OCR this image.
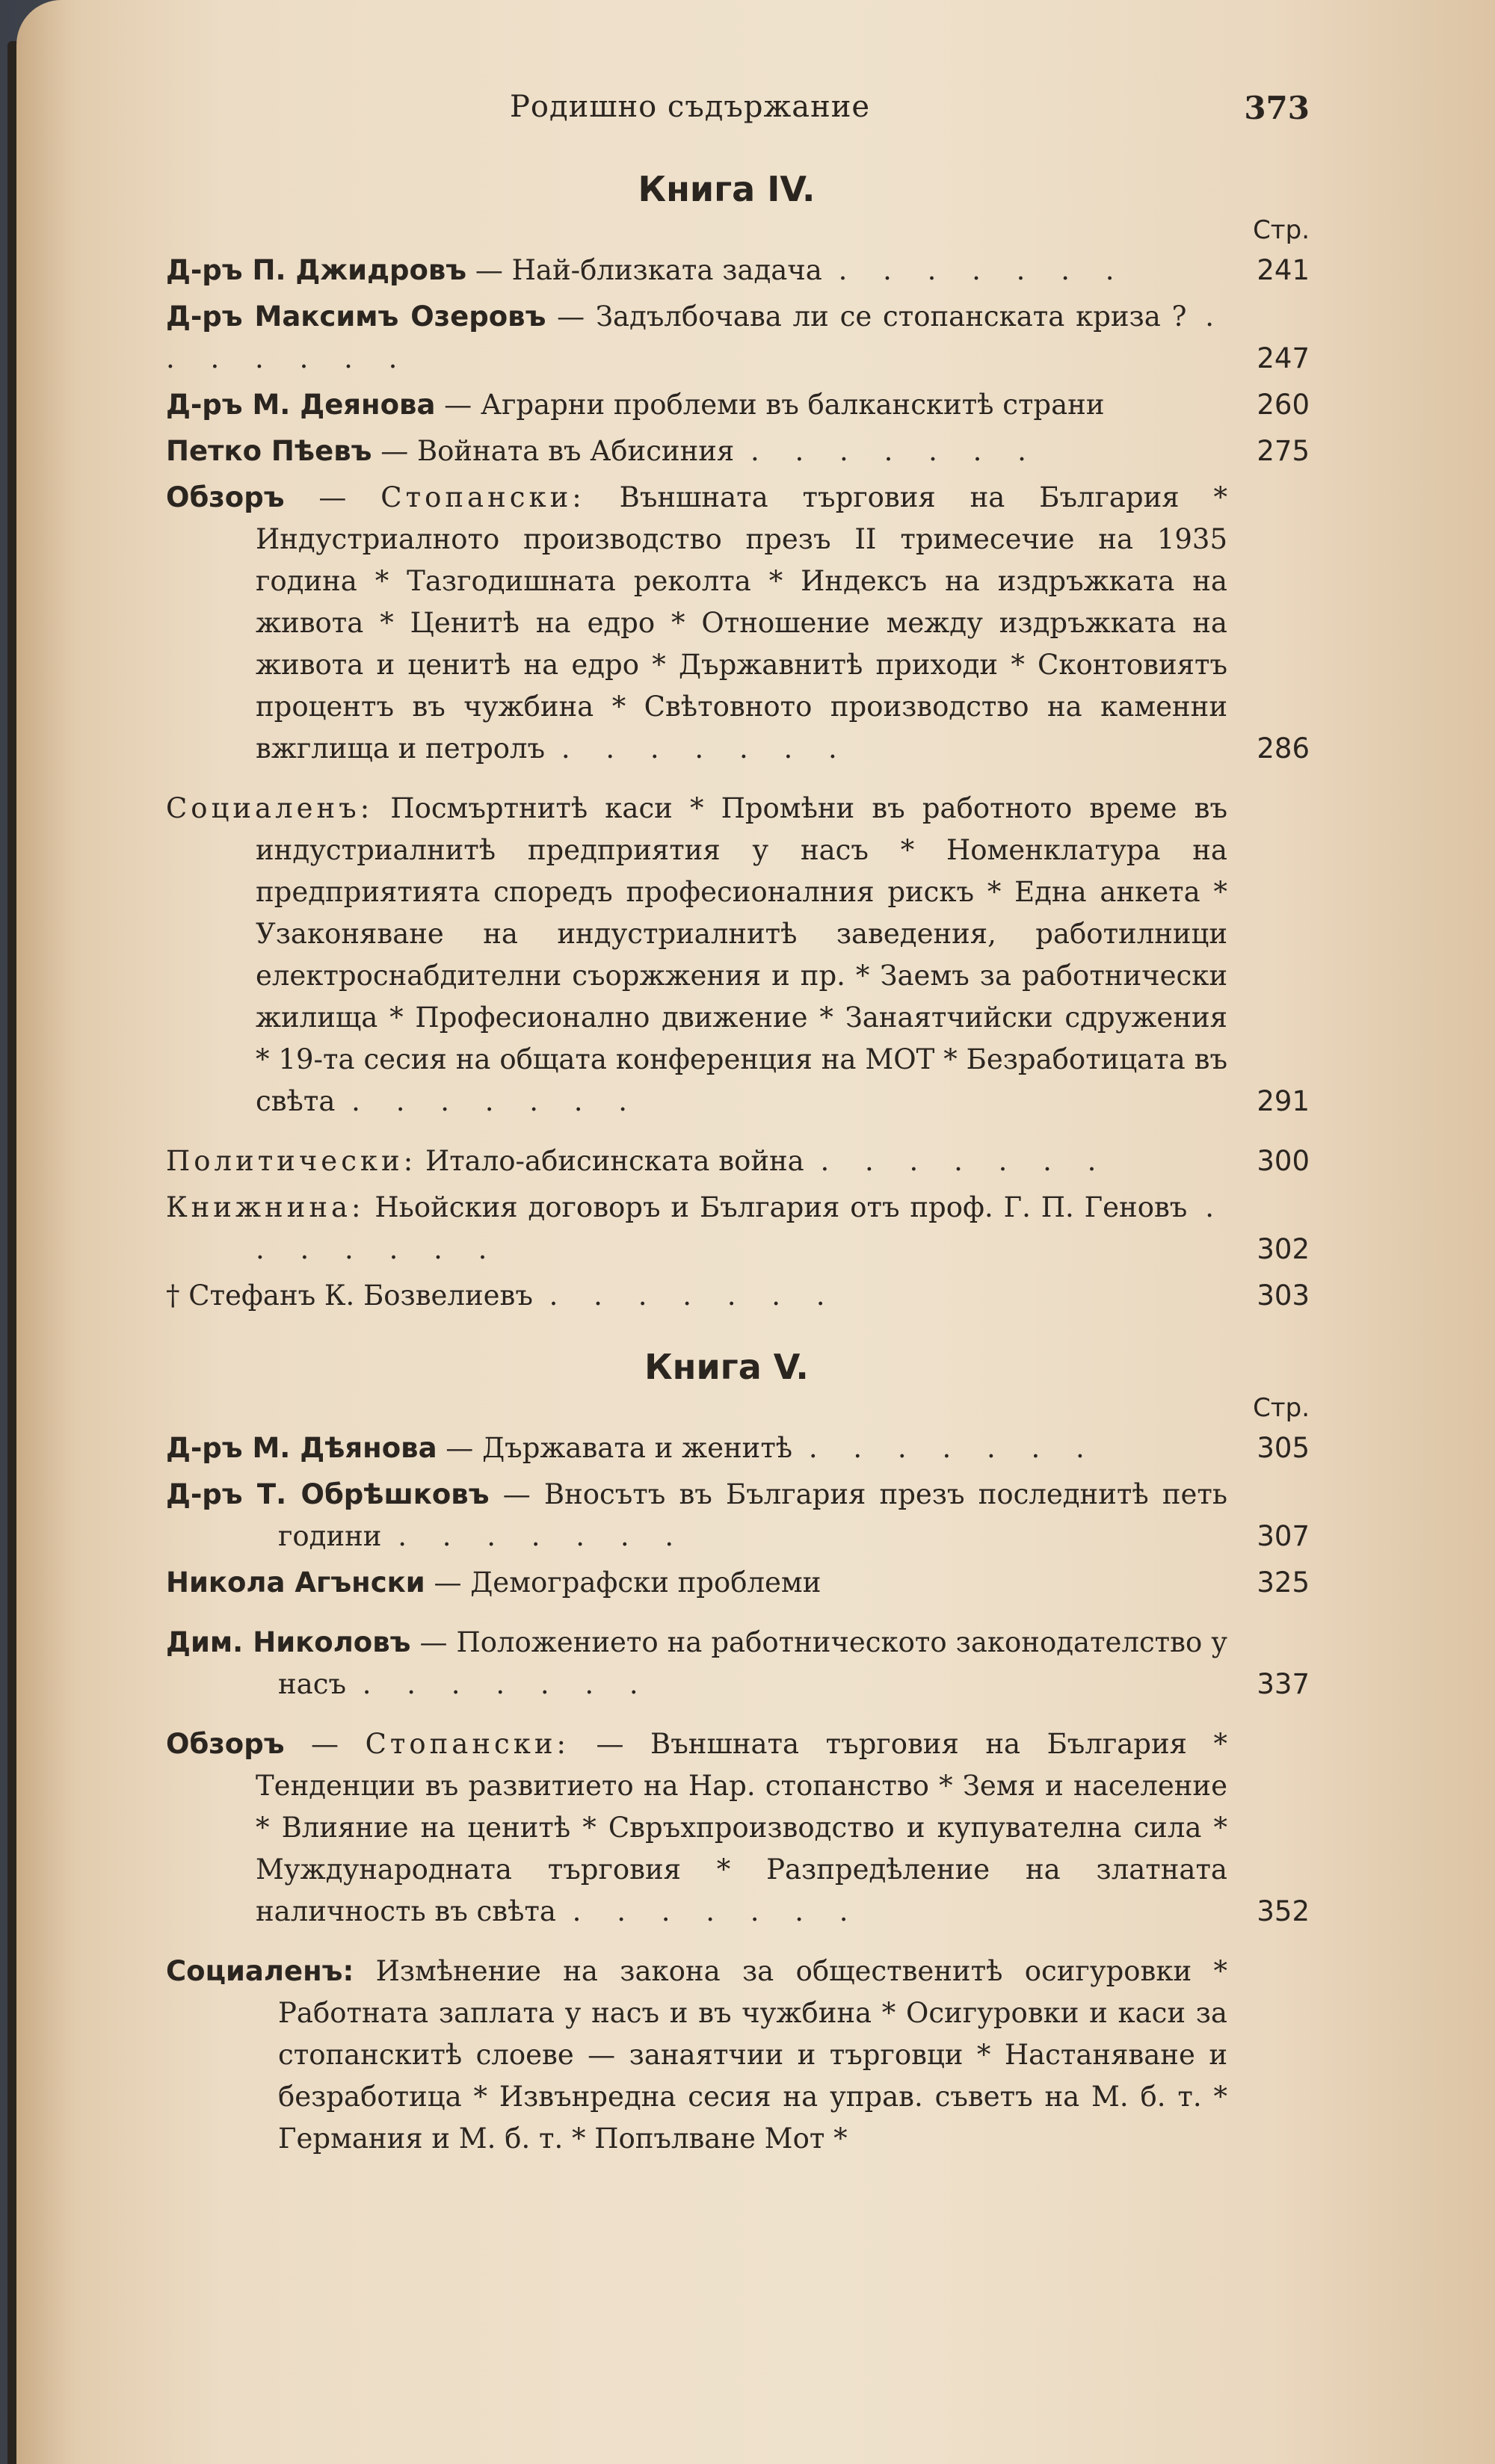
Родишно съдържание	373
Книга IV.
Стр.
Д-ръ П. Джидровъ — Най-близката задача . . . . . . .	241
Д-ръ Максимъ Озеровъ — Задълбочава ли се стопанската криза ? . . . . . . .	247
Д-ръ М. Деянова — Аграрни проблеми въ балканскитѣ страни	260
Петко Пѣевъ — Войната въ Абисиния . . . . . . .	275
Обзоръ — Стопански: Външната търговия на България * Индустриалното производство презъ II тримесечие на 1935 година * Тазгодишната реколта * Индексъ на издръжката на живота * Ценитѣ на едро * Отношение между издръжката на живота и ценитѣ на едро * Държавнитѣ приходи * Сконтовиятъ процентъ въ чужбина * Свѣтовното производство на каменни вжглища и петролъ . . . . . . .	286
Социаленъ: Посмъртнитѣ каси * Промѣни въ работното време въ индустриалнитѣ предприятия у насъ * Номенклатура на предприятията споредъ професионалния рискъ * Една анкета * Узаконяване на индустриалнитѣ заведения, работилници електроснабдителни съоржжения и пр. * Заемъ за работнически жилища * Професионално движение * Занаятчийски сдружения * 19-та сесия на общата конференция на МОТ * Безработицата въ свѣта . . . . . . .	291
Политически: Итало-абисинската война . . . . . . .	300
Книжнина: Ньойския договоръ и България отъ проф. Г. П. Геновъ . . . . . . .	302
† Стефанъ К. Бозвелиевъ . . . . . . .	303
Книга V.
Стр.
Д-ръ М. Дѣянова — Държавата и женитѣ . . . . . . .	305
Д-ръ Т. Обрѣшковъ — Вносътъ въ България презъ последнитѣ петь години . . . . . . .	307
Никола Агънски — Демографски проблеми	325
Дим. Николовъ — Положението на работническото законодателство у насъ . . . . . . .	337
Обзоръ — Стопански: — Външната търговия на България * Тенденции въ развитието на Нар. стопанство * Земя и население * Влияние на ценитѣ * Свръхпроизводство и купувателна сила * Муждународната търговия * Разпредѣление на златната наличность въ свѣта . . . . . . .	352
Социаленъ: Измѣнение на закона за общественитѣ осигуровки * Работната заплата у насъ и въ чужбина * Осигуровки и каси за стопанскитѣ слоеве — занаятчии и търговци * Настаняване и безработица * Извънредна сесия на управ. съветъ на М. б. т. * Германия и М. б. т. * Попълване Мот *
